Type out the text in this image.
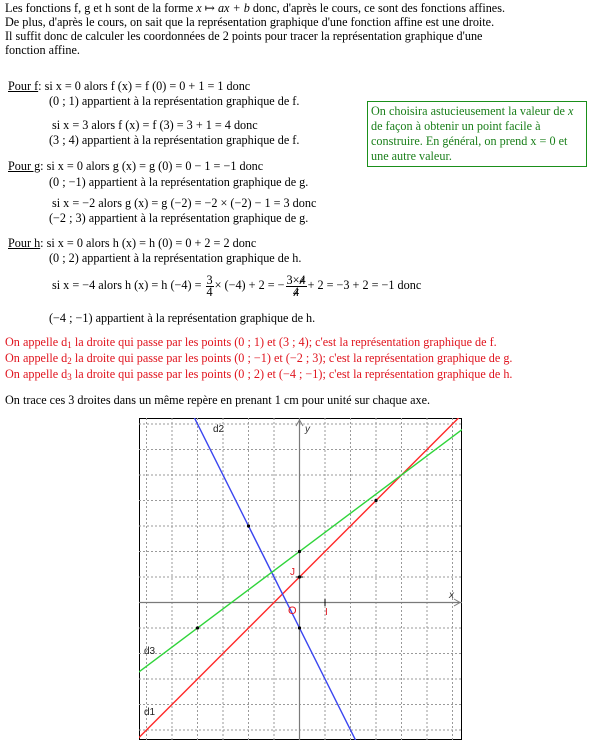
Les fonctions f, g et h sont de la forme x ↦ ax + b donc, d'après le cours, ce sont des fonctions affines.
De plus, d'après le cours, on sait que la représentation graphique d'une fonction affine est une droite.
Il suffit donc de calculer les coordonnées de 2 points pour tracer la représentation graphique d'une
fonction affine.
Pour f: si x = 0 alors f (x) = f (0) = 0 + 1 = 1 donc
(0 ; 1) appartient à la représentation graphique de f.
si x = 3 alors f (x) = f (3) = 3 + 1 = 4 donc
(3 ; 4) appartient à la représentation graphique de f.
On choisira astucieusement la valeur de x de façon à obtenir un point facile à construire. En général, on prend x = 0 et une autre valeur.
Pour g: si x = 0 alors g (x) = g (0) = 0 − 1 = −1 donc
(0 ; −1) appartient à la représentation graphique de g.
si x = −2 alors g (x) = g (−2) = −2 × (−2) − 1 = 3 donc
(−2 ; 3) appartient à la représentation graphique de g.
Pour h: si x = 0 alors h (x) = h (0) = 0 + 2 = 2 donc
(0 ; 2) appartient à la représentation graphique de h.
si x = −4 alors h (x) = h $(-4) = \frac{3}{4} \times (-4) + 2$ = − $\frac{3\times 4}{4} + 2 = -3 + 2 = -1$ donc
(−4 ; −1) appartient à la représentation graphique de h.
On appelle $d_1$ la droite qui passe par les points (0 ; 1) et (3 ; 4); c'est la représentation graphique de f.
On appelle $d_2$ la droite qui passe par les points (0 ; −1) et (−2 ; 3); c'est la représentation graphique de g.
On appelle $d_3$ la droite qui passe par les points (0 ; 2) et (−4 ; −1); c'est la représentation graphique de h.
On trace ces 3 droites dans un même repère en prenant 1 cm pour unité sur chaque axe.
d2
d3
d1
x
y
O	I
J
